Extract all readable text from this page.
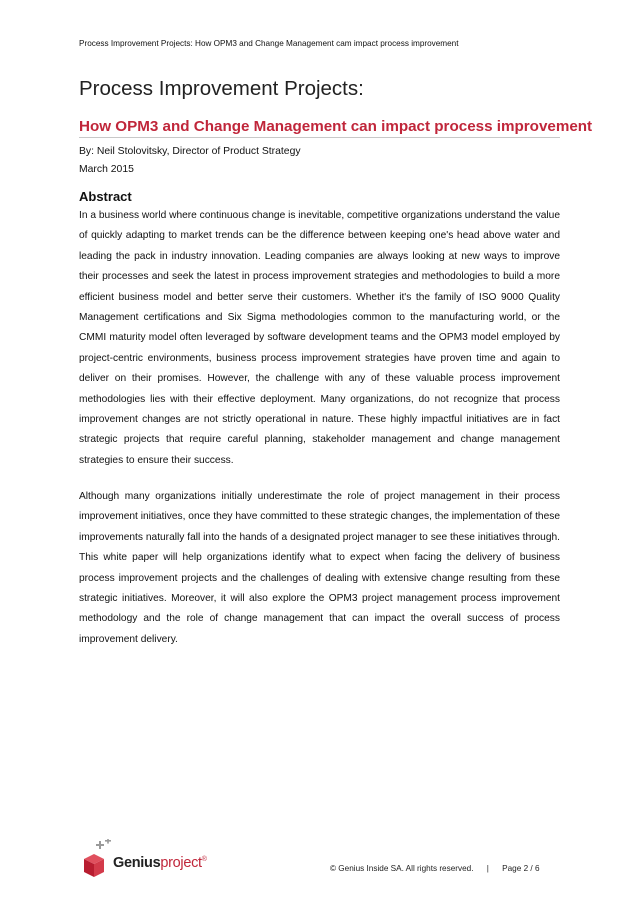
Process Improvement Projects: How OPM3 and Change Management cam impact process improvement
Process Improvement Projects:
How OPM3 and Change Management can impact process improvement
By: Neil Stolovitsky, Director of Product Strategy
March 2015
Abstract

In a business world where continuous change is inevitable, competitive organizations understand the value of quickly adapting to market trends can be the difference between keeping one's head above water and leading the pack in industry innovation. Leading companies are always looking at new ways to improve their processes and seek the latest in process improvement strategies and methodologies to build a more efficient business model and better serve their customers. Whether it's the family of ISO 9000 Quality Management certifications and Six Sigma methodologies common to the manufacturing world, or the CMMI maturity model often leveraged by software development teams and the OPM3 model employed by project-centric environments, business process improvement strategies have proven time and again to deliver on their promises. However, the challenge with any of these valuable process improvement methodologies lies with their effective deployment. Many organizations, do not recognize that process improvement changes are not strictly operational in nature. These highly impactful initiatives are in fact strategic projects that require careful planning, stakeholder management and change management strategies to ensure their success.

Although many organizations initially underestimate the role of project management in their process improvement initiatives, once they have committed to these strategic changes, the implementation of these improvements naturally fall into the hands of a designated project manager to see these initiatives through. This white paper will help organizations identify what to expect when facing the delivery of business process improvement projects and the challenges of dealing with extensive change resulting from these strategic initiatives. Moreover, it will also explore the OPM3 project management process improvement methodology and the role of change management that can impact the overall success of process improvement delivery.

Geniusproject®
© Genius Inside SA. All rights reserved. | Page 2 / 6
